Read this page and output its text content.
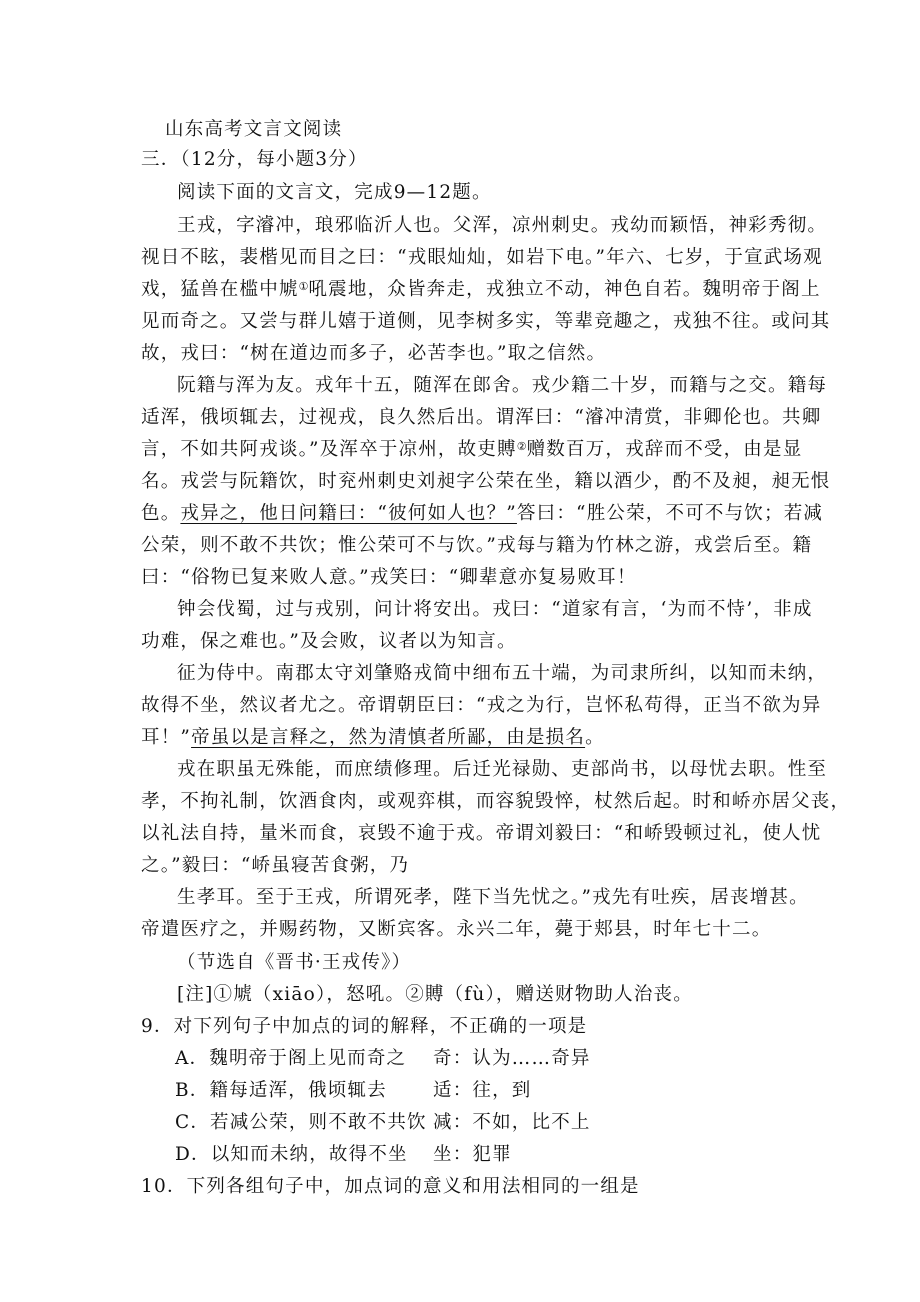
山东高考文言文阅读
三．（12分，每小题3分）
阅读下面的文言文，完成9—12题。
王戎，字濬冲，琅邪临沂人也。父浑，凉州刺史。戎幼而颖悟，神彩秀彻。
视日不眩，裴楷见而目之曰：“戎眼灿灿，如岩下电。”年六、七岁，于宣武场观
戏，猛兽在槛中虓①吼震地，众皆奔走，戎独立不动，神色自若。魏明帝于阁上
见而奇之。又尝与群儿嬉于道侧，见李树多实，等辈竞趣之，戎独不往。或问其
故，戎曰：“树在道边而多子，必苦李也。”取之信然。
阮籍与浑为友。戎年十五，随浑在郎舍。戎少籍二十岁，而籍与之交。籍每
适浑，俄顷辄去，过视戎，良久然后出。谓浑曰：“濬冲清赏，非卿伦也。共卿
言，不如共阿戎谈。”及浑卒于凉州，故吏賻②赠数百万，戎辞而不受，由是显
名。戎尝与阮籍饮，时兖州刺史刘昶字公荣在坐，籍以酒少，酌不及昶，昶无恨
色。戎异之，他日问籍曰：“彼何如人也？”答曰：“胜公荣，不可不与饮；若减
公荣，则不敢不共饮；惟公荣可不与饮。”戎每与籍为竹林之游，戎尝后至。籍
曰：“俗物已复来败人意。”戎笑曰：“卿辈意亦复易败耳！
钟会伐蜀，过与戎别，问计将安出。戎曰：“道家有言，‘为而不恃’，非成
功难，保之难也。”及会败，议者以为知言。
征为侍中。南郡太守刘肇赂戎简中细布五十端，为司隶所纠，以知而未纳，
故得不坐，然议者尤之。帝谓朝臣曰：“戎之为行，岂怀私苟得，正当不欲为异
耳！”帝虽以是言释之，然为清慎者所鄙，由是损名。
戎在职虽无殊能，而庶绩修理。后迁光禄勋、吏部尚书，以母忧去职。性至
孝，不拘礼制，饮酒食肉，或观弈棋，而容貌毁悴，杖然后起。时和峤亦居父丧，
以礼法自持，量米而食，哀毁不逾于戎。帝谓刘毅曰：“和峤毁顿过礼，使人忧
之。”毅曰：“峤虽寝苦食粥，乃
生孝耳。至于王戎，所谓死孝，陛下当先忧之。”戎先有吐疾，居丧增甚。
帝遣医疗之，并赐药物，又断宾客。永兴二年，薨于郏县，时年七十二。
（节选自《晋书·王戎传》）
[注]①虓（xiāo），怒吼。②賻（fù），赠送财物助人治丧。
9．对下列句子中加点的词的解释，不正确的一项是
A．魏明帝于阁上见而奇之 奇：认为……奇异
B．籍每适浑，俄顷辄去 适：往，到
C．若减公荣，则不敢不共饮 减：不如，比不上
D．以知而未纳，故得不坐 坐：犯罪
10．下列各组句子中，加点词的意义和用法相同的一组是
